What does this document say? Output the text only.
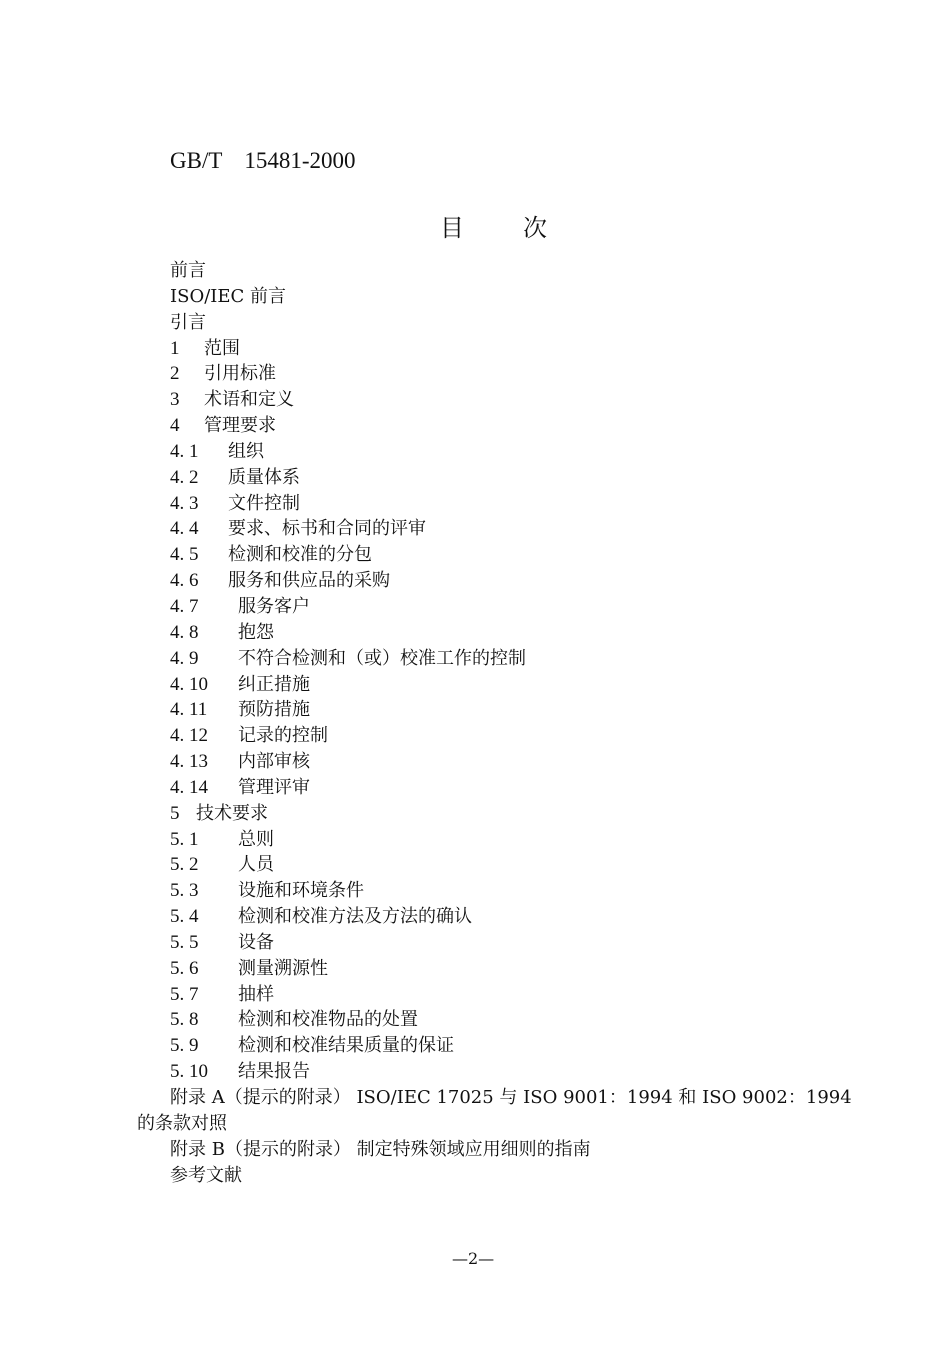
GB/T 15481-2000
目 次
前言
ISO/IEC 前言
引言
1 范围
2 引用标准
3 术语和定义
4 管理要求
4. 1 组织
4. 2 质量体系
4. 3 文件控制
4. 4 要求、标书和合同的评审
4. 5 检测和校准的分包
4. 6 服务和供应品的采购
4. 7 服务客户
4. 8 抱怨
4. 9 不符合检测和（或）校准工作的控制
4. 10 纠正措施
4. 11 预防措施
4. 12 记录的控制
4. 13 内部审核
4. 14 管理评审
5 技术要求
5. 1 总则
5. 2 人员
5. 3 设施和环境条件
5. 4 检测和校准方法及方法的确认
5. 5 设备
5. 6 测量溯源性
5. 7 抽样
5. 8 检测和校准物品的处置
5. 9 检测和校准结果质量的保证
5. 10 结果报告
附录 A（提示的附录） ISO/IEC 17025 与 ISO 9001：1994 和 ISO 9002：1994
的条款对照
附录 B（提示的附录） 制定特殊领域应用细则的指南
参考文献
—2—
